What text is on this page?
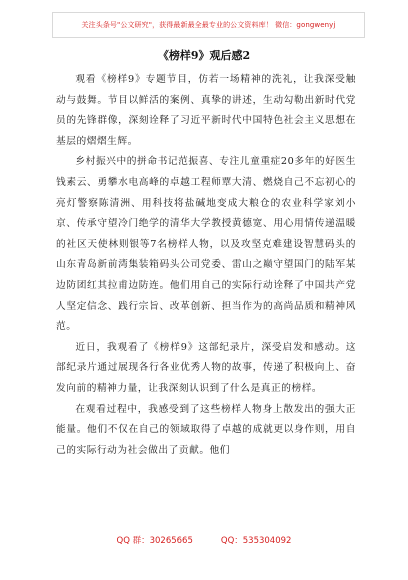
关注头条号"公文研究"，获得最新最全最专业的公文资料库！ 微信：gongwenyj
《榜样9》观后感2

观看《榜样9》专题节目，仿若一场精神的洗礼，让我深受触动与鼓舞。节目以鲜活的案例、真挚的讲述，生动勾勒出新时代党员的先锋群像，深刻诠释了习近平新时代中国特色社会主义思想在基层的熠熠生辉。

乡村振兴中的拼命书记范振喜、专注儿童重症20多年的好医生钱素云、勇攀水电高峰的卓越工程师覃大清、燃烧自己不忘初心的亮灯警察陈清洲、用科技将盐碱地变成大粮仓的农业科学家刘小京、传承守望冷门绝学的清华大学教授黄德宽、用心用情传递温暖的社区天使林则银等7名榜样人物，以及攻坚克难建设智慧码头的山东青岛新前湾集装箱码头公司党委、雷山之巅守望国门的陆军某边防团红其拉甫边防连。他们用自己的实际行动诠释了中国共产党人坚定信念、践行宗旨、改革创新、担当作为的高尚品质和精神风范。

近日，我观看了《榜样9》这部纪录片，深受启发和感动。这部纪录片通过展现各行各业优秀人物的故事，传递了积极向上、奋发向前的精神力量，让我深刻认识到了什么是真正的榜样。

在观看过程中，我感受到了这些榜样人物身上散发出的强大正能量。他们不仅在自己的领域取得了卓越的成就更以身作则，用自己的实际行动为社会做出了贡献。他们

QQ 群：30265665	QQ：535304092
